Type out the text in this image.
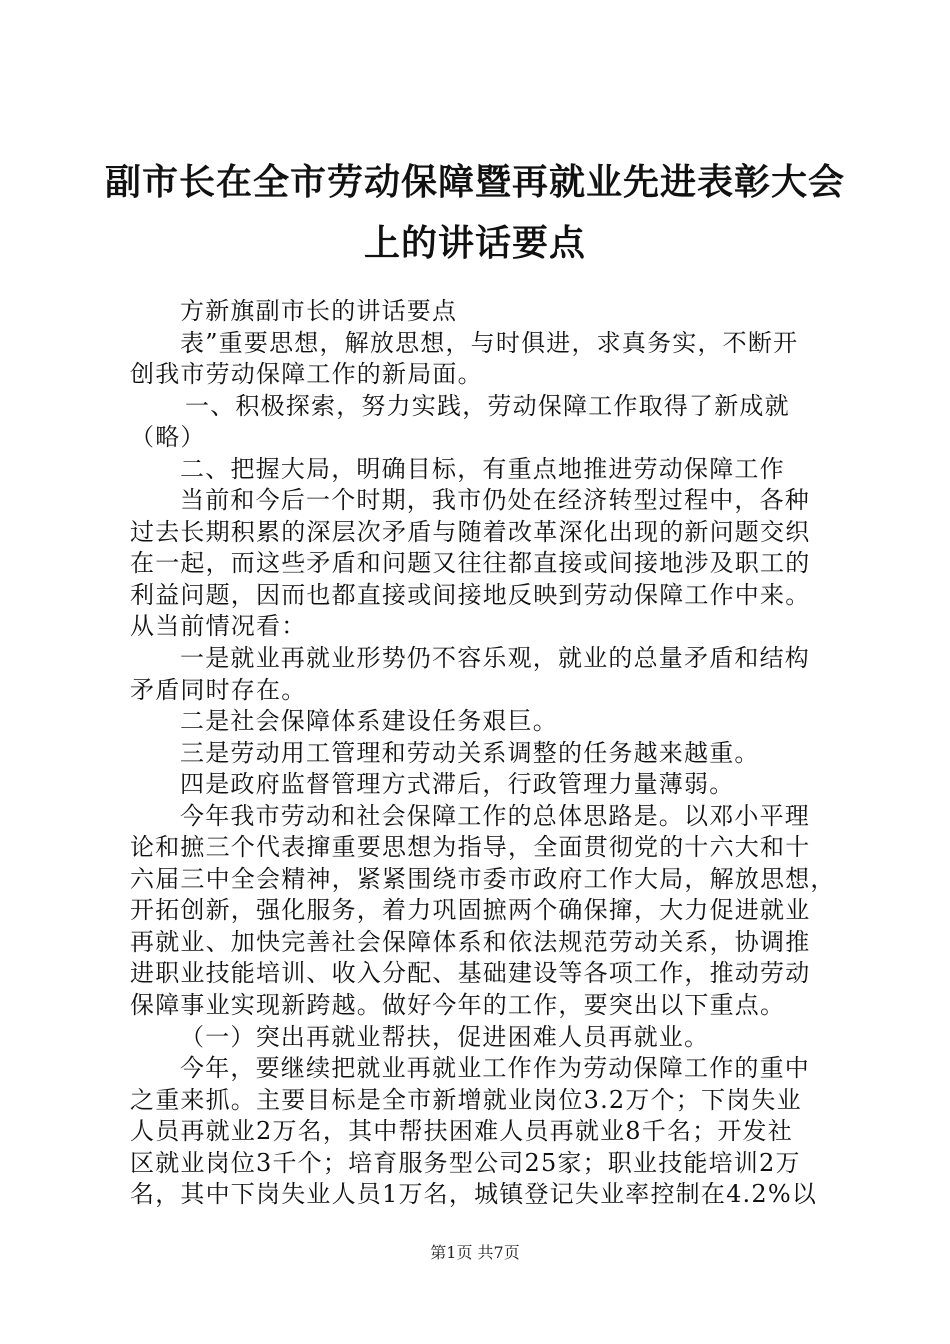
副市长在全市劳动保障暨再就业先进表彰大会
上的讲话要点
方新旗副市长的讲话要点
表”重要思想，解放思想，与时俱进，求真务实，不断开
创我市劳动保障工作的新局面。
一、积极探索，努力实践，劳动保障工作取得了新成就
（略）
二、把握大局，明确目标，有重点地推进劳动保障工作
当前和今后一个时期，我市仍处在经济转型过程中，各种
过去长期积累的深层次矛盾与随着改革深化出现的新问题交织
在一起，而这些矛盾和问题又往往都直接或间接地涉及职工的
利益问题，因而也都直接或间接地反映到劳动保障工作中来。
从当前情况看：
一是就业再就业形势仍不容乐观，就业的总量矛盾和结构
矛盾同时存在。
二是社会保障体系建设任务艰巨。
三是劳动用工管理和劳动关系调整的任务越来越重。
四是政府监督管理方式滞后，行政管理力量薄弱。
今年我市劳动和社会保障工作的总体思路是。以邓小平理
论和摭三个代表撺重要思想为指导，全面贯彻党的十六大和十
六届三中全会精神，紧紧围绕市委市政府工作大局，解放思想，
开拓创新，强化服务，着力巩固摭两个确保撺，大力促进就业
再就业、加快完善社会保障体系和依法规范劳动关系，协调推
进职业技能培训、收入分配、基础建设等各项工作，推动劳动
保障事业实现新跨越。做好今年的工作，要突出以下重点。
（一）突出再就业帮扶，促进困难人员再就业。
今年，要继续把就业再就业工作作为劳动保障工作的重中
之重来抓。主要目标是全市新增就业岗位3.2万个；下岗失业
人员再就业2万名，其中帮扶困难人员再就业8千名；开发社
区就业岗位3千个；培育服务型公司25家；职业技能培训2万
名，其中下岗失业人员1万名，城镇登记失业率控制在4.2%以
第1页 共7页
